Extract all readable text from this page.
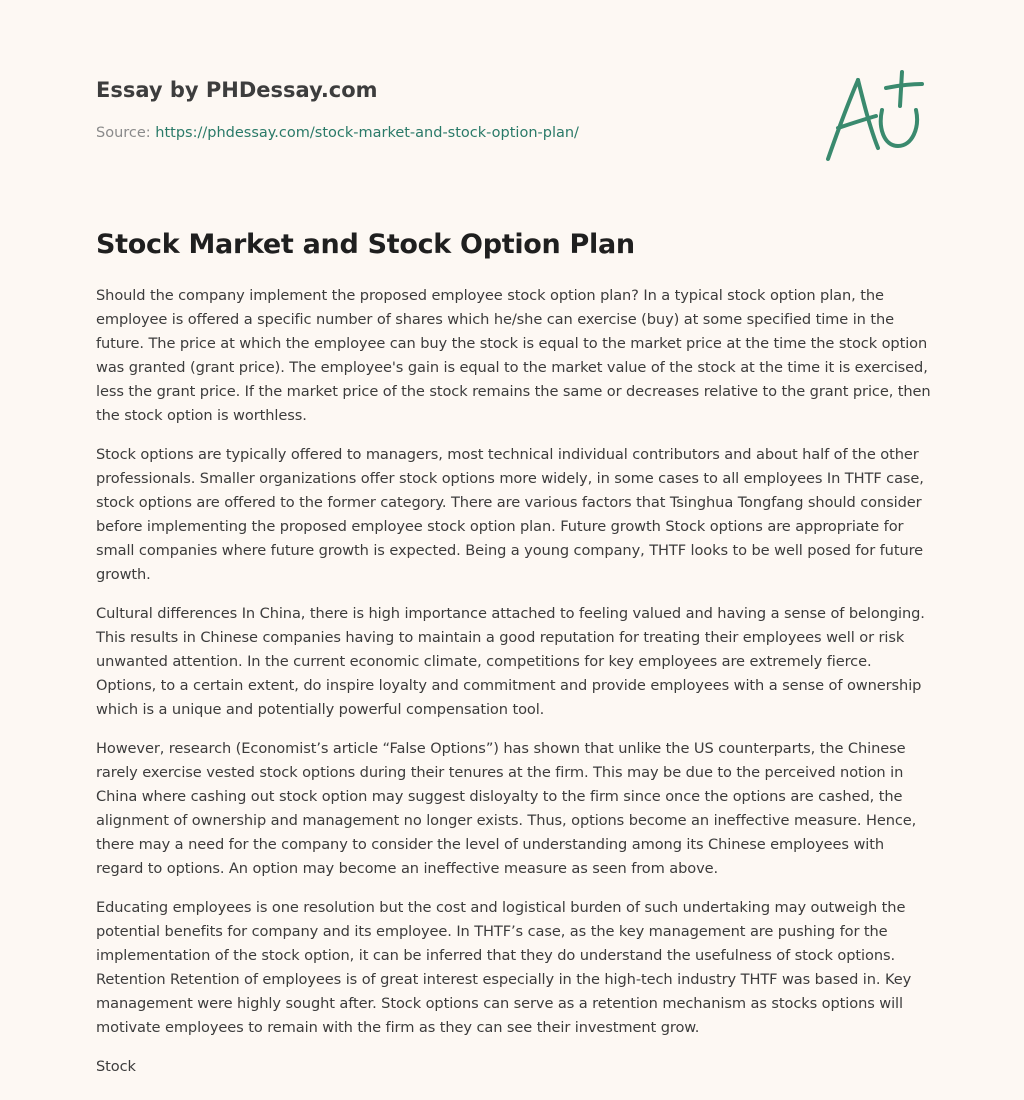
Essay by PHDessay.com
Source: https://phdessay.com/stock-market-and-stock-option-plan/
Stock Market and Stock Option Plan

Should the company implement the proposed employee stock option plan? In a typical stock option plan, the employee is offered a specific number of shares which he/she can exercise (buy) at some specified time in the future. The price at which the employee can buy the stock is equal to the market price at the time the stock option was granted (grant price). The employee's gain is equal to the market value of the stock at the time it is exercised, less the grant price. If the market price of the stock remains the same or decreases relative to the grant price, then the stock option is worthless.

Stock options are typically offered to managers, most technical individual contributors and about half of the other professionals. Smaller organizations offer stock options more widely, in some cases to all employees In THTF case, stock options are offered to the former category. There are various factors that Tsinghua Tongfang should consider before implementing the proposed employee stock option plan. Future growth Stock options are appropriate for small companies where future growth is expected. Being a young company, THTF looks to be well posed for future growth.

Cultural differences In China, there is high importance attached to feeling valued and having a sense of belonging. This results in Chinese companies having to maintain a good reputation for treating their employees well or risk unwanted attention. In the current economic climate, competitions for key employees are extremely fierce. Options, to a certain extent, do inspire loyalty and commitment and provide employees with a sense of ownership which is a unique and potentially powerful compensation tool.

However, research (Economist’s article “False Options”) has shown that unlike the US counterparts, the Chinese rarely exercise vested stock options during their tenures at the firm. This may be due to the perceived notion in China where cashing out stock option may suggest disloyalty to the firm since once the options are cashed, the alignment of ownership and management no longer exists. Thus, options become an ineffective measure. Hence, there may a need for the company to consider the level of understanding among its Chinese employees with regard to options. An option may become an ineffective measure as seen from above.

Educating employees is one resolution but the cost and logistical burden of such undertaking may outweigh the potential benefits for company and its employee. In THTF’s case, as the key management are pushing for the implementation of the stock option, it can be inferred that they do understand the usefulness of stock options. Retention Retention of employees is of great interest especially in the high-tech industry THTF was based in. Key management were highly sought after. Stock options can serve as a retention mechanism as stocks options will motivate employees to remain with the firm as they can see their investment grow.

Stock
